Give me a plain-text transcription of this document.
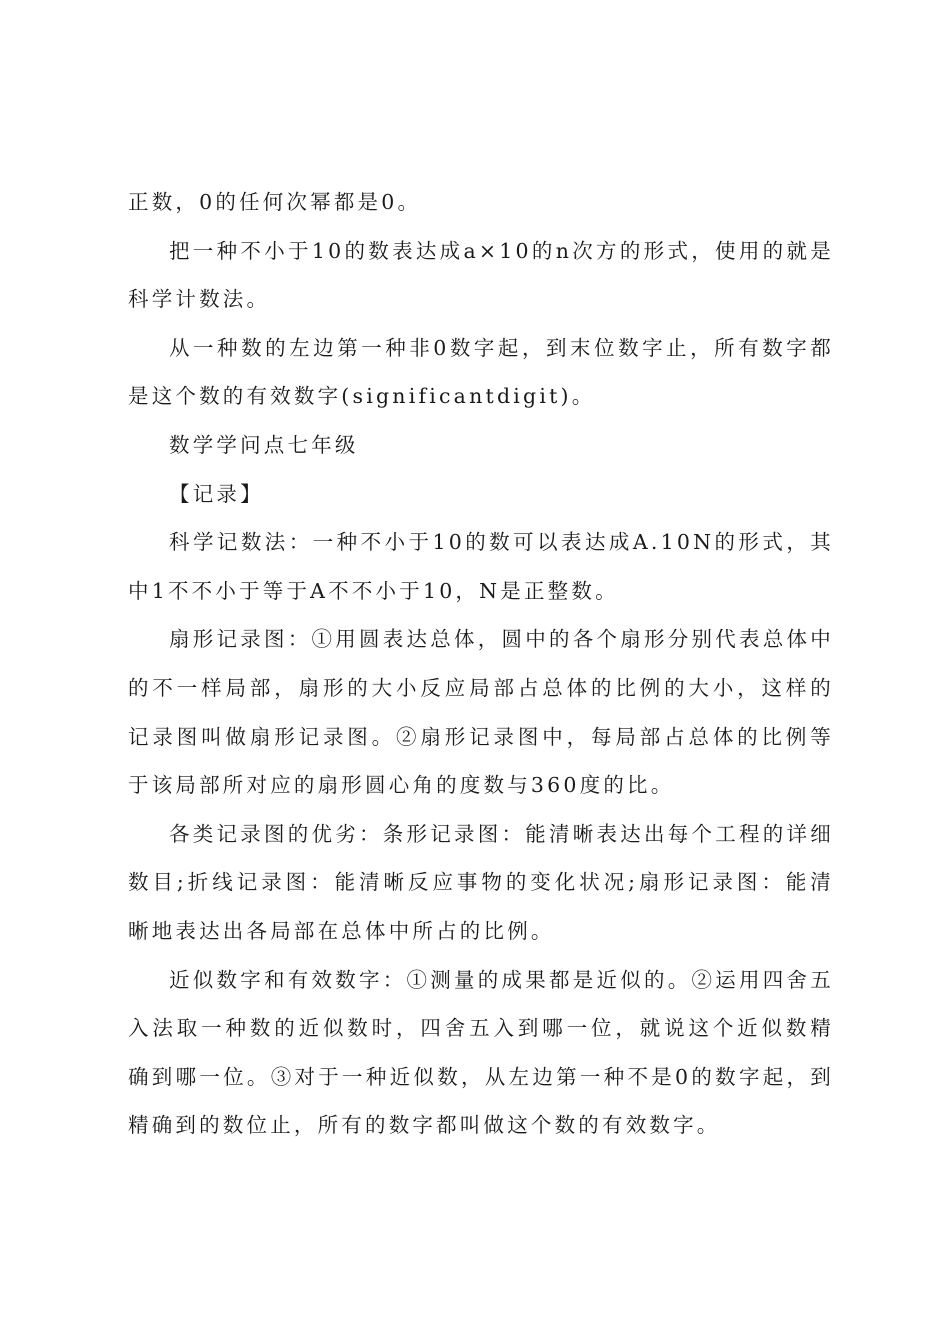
正数，0的任何次幂都是0。

把一种不小于10的数表达成a×10的n次方的形式，使用的就是科学计数法。

从一种数的左边第一种非0数字起，到末位数字止，所有数字都是这个数的有效数字(significantdigit)。

数学学问点七年级

【记录】

科学记数法：一种不小于10的数可以表达成A.10N的形式，其中1不不小于等于A不不小于10，N是正整数。

扇形记录图：①用圆表达总体，圆中的各个扇形分别代表总体中的不一样局部，扇形的大小反应局部占总体的比例的大小，这样的记录图叫做扇形记录图。②扇形记录图中，每局部占总体的比例等于该局部所对应的扇形圆心角的度数与360度的比。

各类记录图的优劣：条形记录图：能清晰表达出每个工程的详细数目;折线记录图：能清晰反应事物的变化状况;扇形记录图：能清晰地表达出各局部在总体中所占的比例。

近似数字和有效数字：①测量的成果都是近似的。②运用四舍五入法取一种数的近似数时，四舍五入到哪一位，就说这个近似数精确到哪一位。③对于一种近似数，从左边第一种不是0的数字起，到精确到的数位止，所有的数字都叫做这个数的有效数字。
